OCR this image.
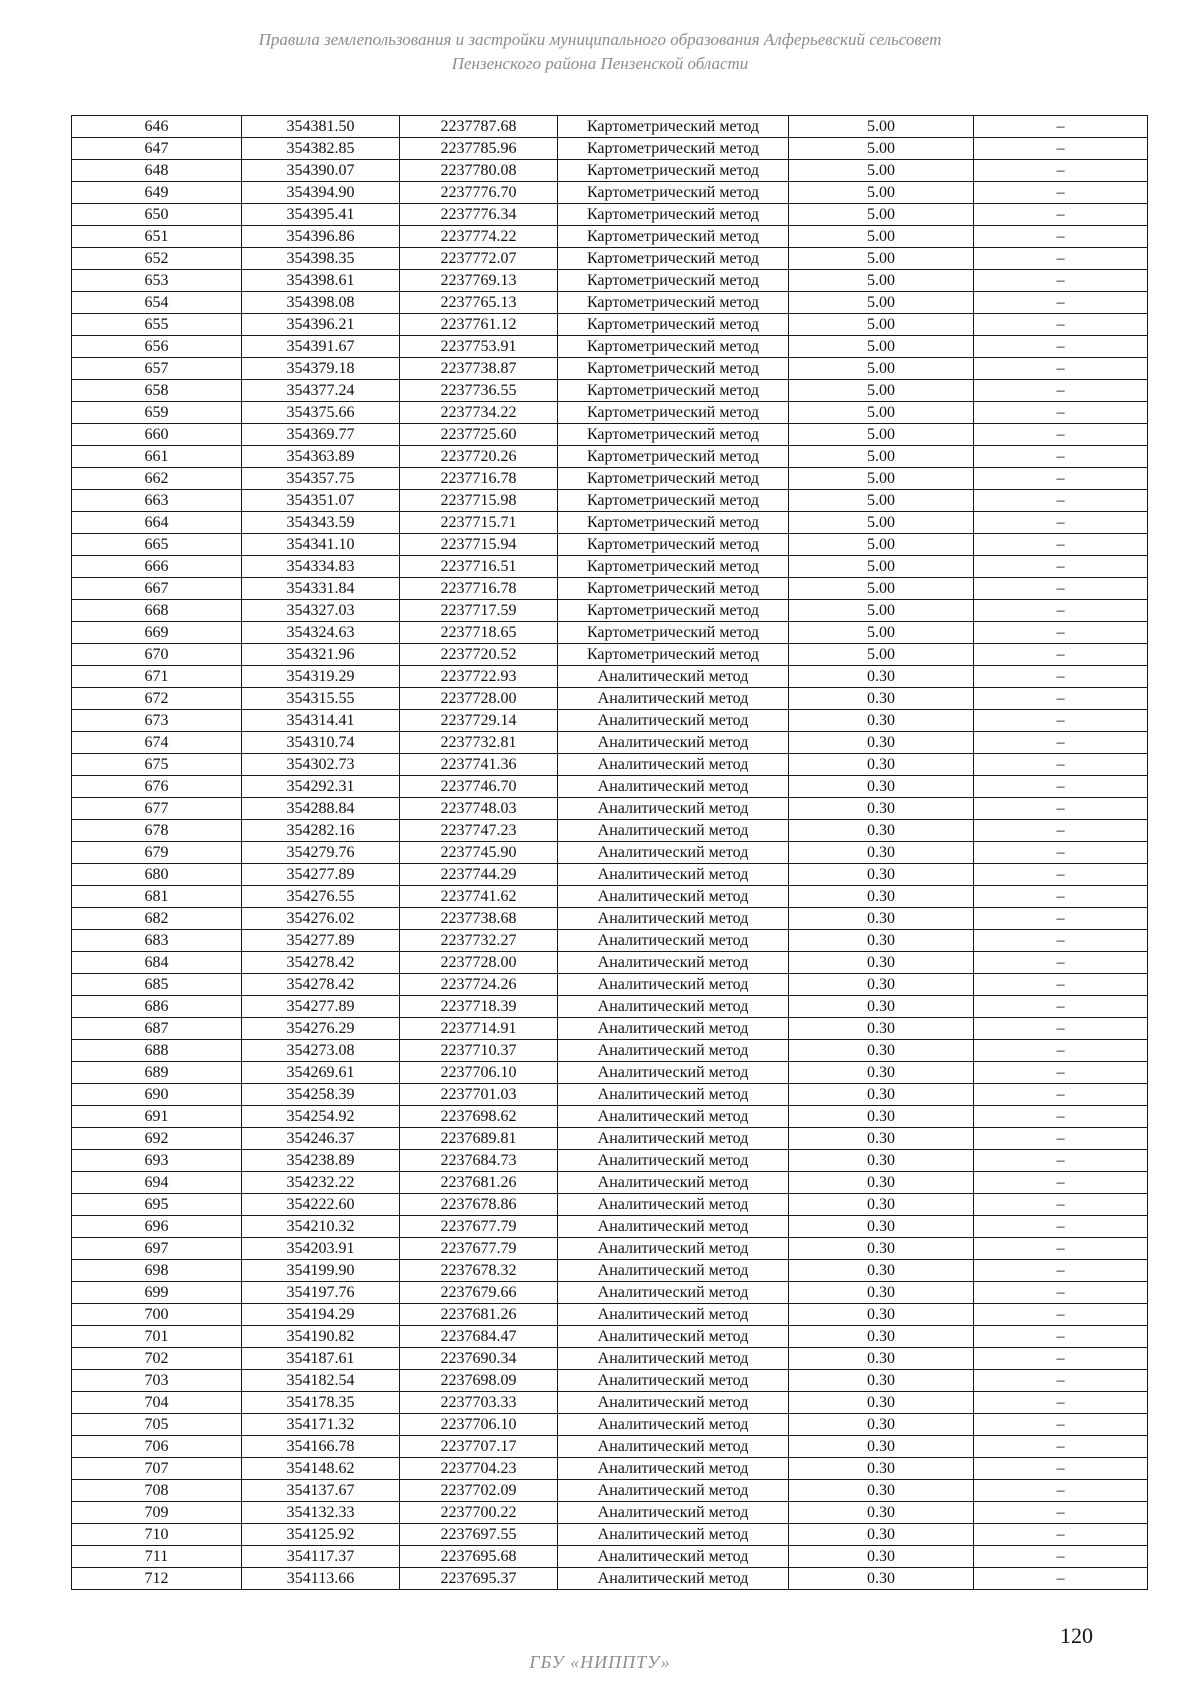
Правила землепользования и застройки муниципального образования Алферьевский сельсовет
Пензенского района Пензенской области
646	354381.50	2237787.68	Картометрический метод	5.00	–
647	354382.85	2237785.96	Картометрический метод	5.00	–
648	354390.07	2237780.08	Картометрический метод	5.00	–
649	354394.90	2237776.70	Картометрический метод	5.00	–
650	354395.41	2237776.34	Картометрический метод	5.00	–
651	354396.86	2237774.22	Картометрический метод	5.00	–
652	354398.35	2237772.07	Картометрический метод	5.00	–
653	354398.61	2237769.13	Картометрический метод	5.00	–
654	354398.08	2237765.13	Картометрический метод	5.00	–
655	354396.21	2237761.12	Картометрический метод	5.00	–
656	354391.67	2237753.91	Картометрический метод	5.00	–
657	354379.18	2237738.87	Картометрический метод	5.00	–
658	354377.24	2237736.55	Картометрический метод	5.00	–
659	354375.66	2237734.22	Картометрический метод	5.00	–
660	354369.77	2237725.60	Картометрический метод	5.00	–
661	354363.89	2237720.26	Картометрический метод	5.00	–
662	354357.75	2237716.78	Картометрический метод	5.00	–
663	354351.07	2237715.98	Картометрический метод	5.00	–
664	354343.59	2237715.71	Картометрический метод	5.00	–
665	354341.10	2237715.94	Картометрический метод	5.00	–
666	354334.83	2237716.51	Картометрический метод	5.00	–
667	354331.84	2237716.78	Картометрический метод	5.00	–
668	354327.03	2237717.59	Картометрический метод	5.00	–
669	354324.63	2237718.65	Картометрический метод	5.00	–
670	354321.96	2237720.52	Картометрический метод	5.00	–
671	354319.29	2237722.93	Аналитический метод	0.30	–
672	354315.55	2237728.00	Аналитический метод	0.30	–
673	354314.41	2237729.14	Аналитический метод	0.30	–
674	354310.74	2237732.81	Аналитический метод	0.30	–
675	354302.73	2237741.36	Аналитический метод	0.30	–
676	354292.31	2237746.70	Аналитический метод	0.30	–
677	354288.84	2237748.03	Аналитический метод	0.30	–
678	354282.16	2237747.23	Аналитический метод	0.30	–
679	354279.76	2237745.90	Аналитический метод	0.30	–
680	354277.89	2237744.29	Аналитический метод	0.30	–
681	354276.55	2237741.62	Аналитический метод	0.30	–
682	354276.02	2237738.68	Аналитический метод	0.30	–
683	354277.89	2237732.27	Аналитический метод	0.30	–
684	354278.42	2237728.00	Аналитический метод	0.30	–
685	354278.42	2237724.26	Аналитический метод	0.30	–
686	354277.89	2237718.39	Аналитический метод	0.30	–
687	354276.29	2237714.91	Аналитический метод	0.30	–
688	354273.08	2237710.37	Аналитический метод	0.30	–
689	354269.61	2237706.10	Аналитический метод	0.30	–
690	354258.39	2237701.03	Аналитический метод	0.30	–
691	354254.92	2237698.62	Аналитический метод	0.30	–
692	354246.37	2237689.81	Аналитический метод	0.30	–
693	354238.89	2237684.73	Аналитический метод	0.30	–
694	354232.22	2237681.26	Аналитический метод	0.30	–
695	354222.60	2237678.86	Аналитический метод	0.30	–
696	354210.32	2237677.79	Аналитический метод	0.30	–
697	354203.91	2237677.79	Аналитический метод	0.30	–
698	354199.90	2237678.32	Аналитический метод	0.30	–
699	354197.76	2237679.66	Аналитический метод	0.30	–
700	354194.29	2237681.26	Аналитический метод	0.30	–
701	354190.82	2237684.47	Аналитический метод	0.30	–
702	354187.61	2237690.34	Аналитический метод	0.30	–
703	354182.54	2237698.09	Аналитический метод	0.30	–
704	354178.35	2237703.33	Аналитический метод	0.30	–
705	354171.32	2237706.10	Аналитический метод	0.30	–
706	354166.78	2237707.17	Аналитический метод	0.30	–
707	354148.62	2237704.23	Аналитический метод	0.30	–
708	354137.67	2237702.09	Аналитический метод	0.30	–
709	354132.33	2237700.22	Аналитический метод	0.30	–
710	354125.92	2237697.55	Аналитический метод	0.30	–
711	354117.37	2237695.68	Аналитический метод	0.30	–
712	354113.66	2237695.37	Аналитический метод	0.30	–
120
ГБУ «НИППТУ»
